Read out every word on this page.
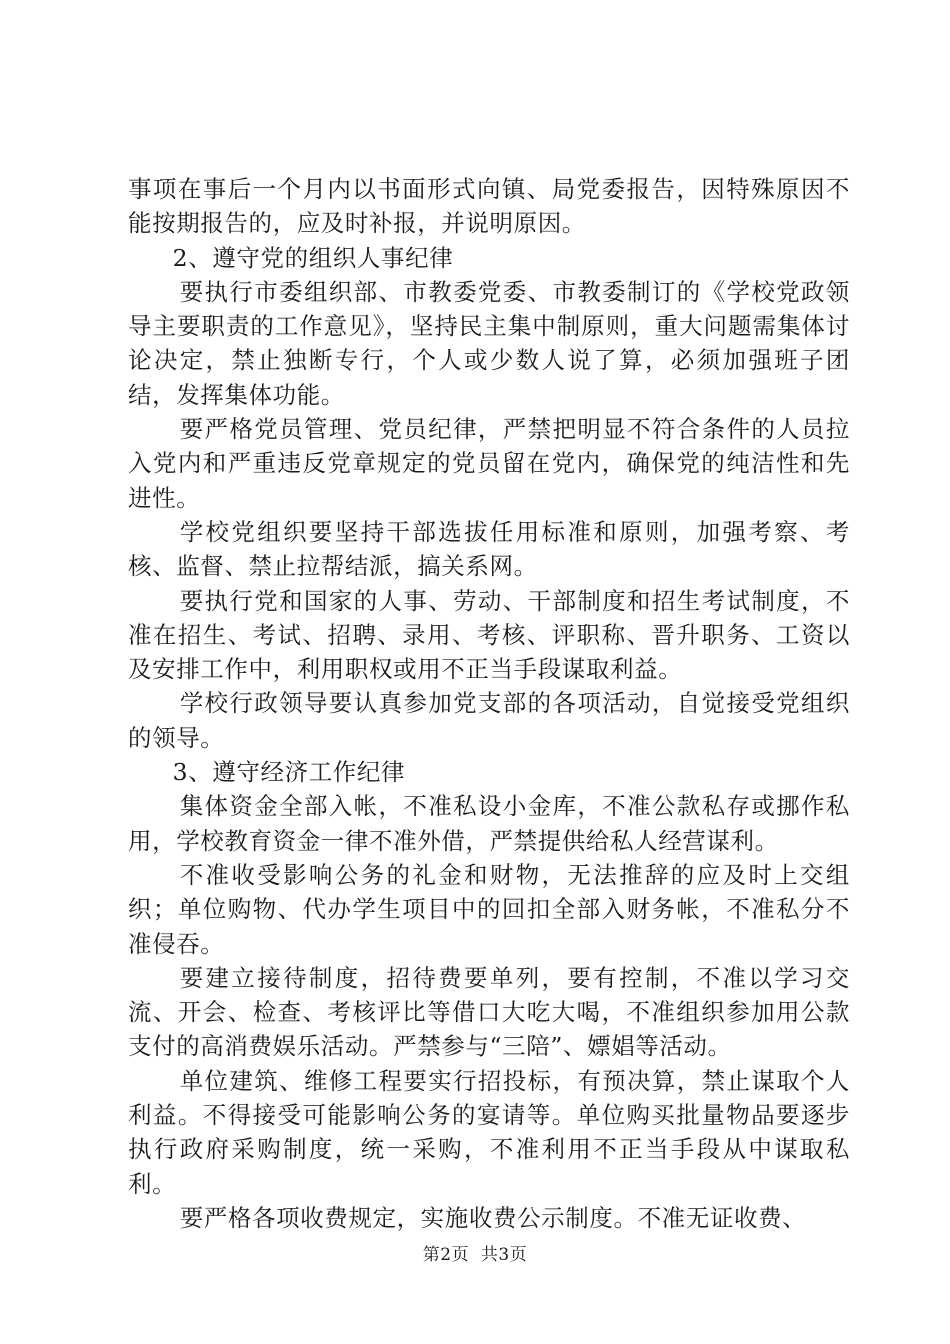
事项在事后一个月内以书面形式向镇、局党委报告，因特殊原因不能按期报告的，应及时补报，并说明原因。

2、遵守党的组织人事纪律

要执行市委组织部、市教委党委、市教委制订的《学校党政领导主要职责的工作意见》，坚持民主集中制原则，重大问题需集体讨论决定，禁止独断专行，个人或少数人说了算，必须加强班子团结，发挥集体功能。

要严格党员管理、党员纪律，严禁把明显不符合条件的人员拉入党内和严重违反党章规定的党员留在党内，确保党的纯洁性和先进性。

学校党组织要坚持干部选拔任用标准和原则，加强考察、考核、监督、禁止拉帮结派，搞关系网。

要执行党和国家的人事、劳动、干部制度和招生考试制度，不准在招生、考试、招聘、录用、考核、评职称、晋升职务、工资以及安排工作中，利用职权或用不正当手段谋取利益。

学校行政领导要认真参加党支部的各项活动，自觉接受党组织的领导。

3、遵守经济工作纪律

集体资金全部入帐，不准私设小金库，不准公款私存或挪作私用，学校教育资金一律不准外借，严禁提供给私人经营谋利。

不准收受影响公务的礼金和财物，无法推辞的应及时上交组织；单位购物、代办学生项目中的回扣全部入财务帐，不准私分不准侵吞。

要建立接待制度，招待费要单列，要有控制，不准以学习交流、开会、检查、考核评比等借口大吃大喝，不准组织参加用公款支付的高消费娱乐活动。严禁参与“三陪”、嫖娼等活动。

单位建筑、维修工程要实行招投标，有预决算，禁止谋取个人利益。不得接受可能影响公务的宴请等。单位购买批量物品要逐步执行政府采购制度，统一采购，不准利用不正当手段从中谋取私利。

要严格各项收费规定，实施收费公示制度。不准无证收费、

第2页  共3页
